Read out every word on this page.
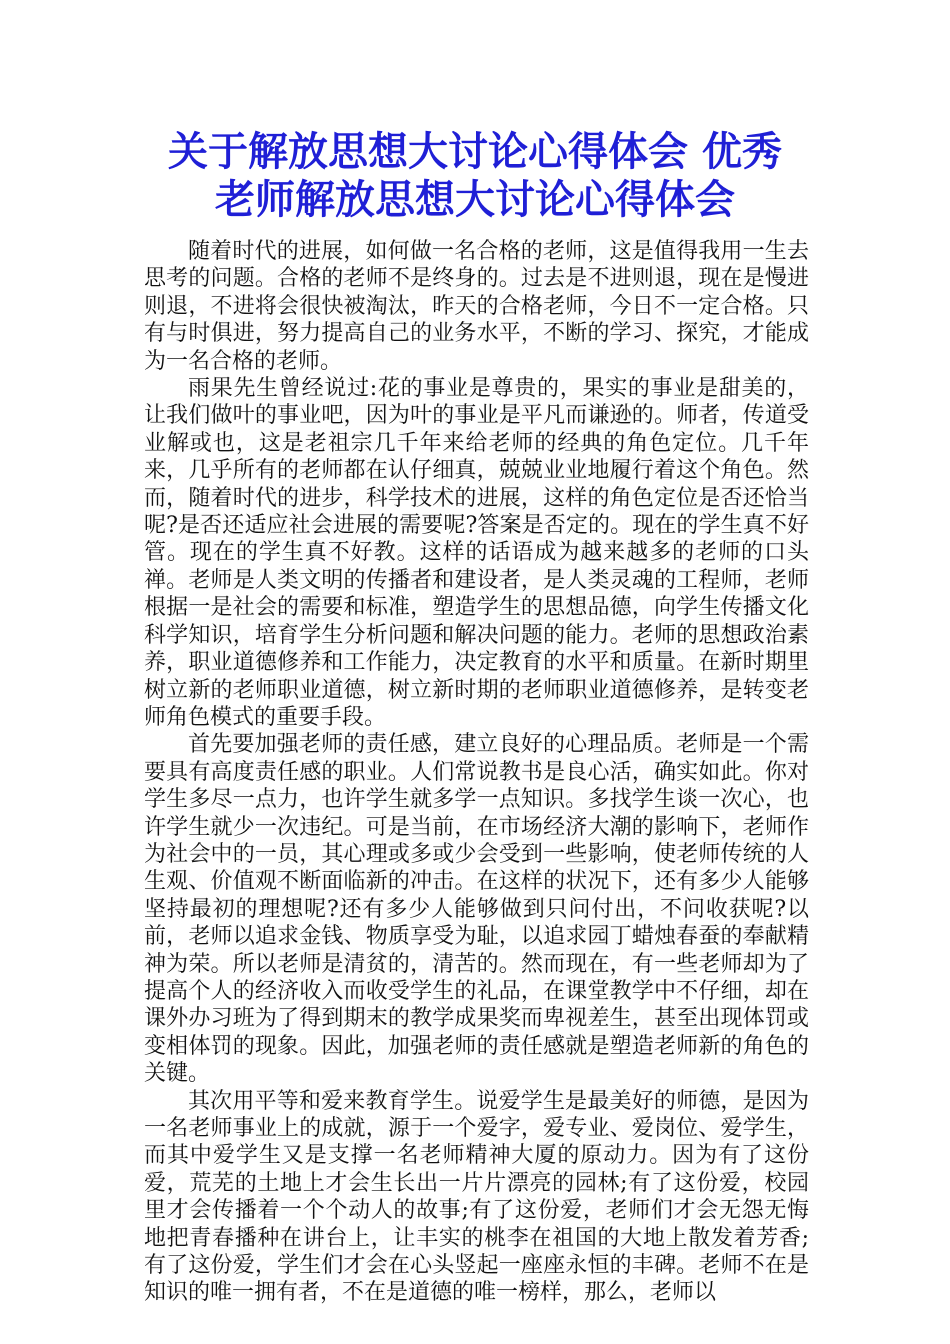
关于解放思想大讨论心得体会 优秀
老师解放思想大讨论心得体会

随着时代的进展，如何做一名合格的老师，这是值得我用一生去思考的问题。合格的老师不是终身的。过去是不进则退，现在是慢进则退，不进将会很快被淘汰，昨天的合格老师，今日不一定合格。只有与时俱进，努力提高自己的业务水平，不断的学习、探究，才能成为一名合格的老师。

雨果先生曾经说过:花的事业是尊贵的，果实的事业是甜美的，让我们做叶的事业吧，因为叶的事业是平凡而谦逊的。师者，传道受业解或也，这是老祖宗几千年来给老师的经典的角色定位。几千年来，几乎所有的老师都在认仔细真，兢兢业业地履行着这个角色。然而，随着时代的进步，科学技术的进展，这样的角色定位是否还恰当呢?是否还适应社会进展的需要呢?答案是否定的。现在的学生真不好管。现在的学生真不好教。这样的话语成为越来越多的老师的口头禅。老师是人类文明的传播者和建设者，是人类灵魂的工程师，老师根据一是社会的需要和标准，塑造学生的思想品德，向学生传播文化科学知识，培育学生分析问题和解决问题的能力。老师的思想政治素养，职业道德修养和工作能力，决定教育的水平和质量。在新时期里树立新的老师职业道德，树立新时期的老师职业道德修养，是转变老师角色模式的重要手段。

首先要加强老师的责任感，建立良好的心理品质。老师是一个需要具有高度责任感的职业。人们常说教书是良心活，确实如此。你对学生多尽一点力，也许学生就多学一点知识。多找学生谈一次心，也许学生就少一次违纪。可是当前，在市场经济大潮的影响下，老师作为社会中的一员，其心理或多或少会受到一些影响，使老师传统的人生观、价值观不断面临新的冲击。在这样的状况下，还有多少人能够坚持最初的理想呢?还有多少人能够做到只问付出，不问收获呢?以前，老师以追求金钱、物质享受为耻，以追求园丁蜡烛春蚕的奉献精神为荣。所以老师是清贫的，清苦的。然而现在，有一些老师却为了提高个人的经济收入而收受学生的礼品，在课堂教学中不仔细，却在课外办习班为了得到期末的教学成果奖而卑视差生，甚至出现体罚或变相体罚的现象。因此，加强老师的责任感就是塑造老师新的角色的关键。

其次用平等和爱来教育学生。说爱学生是最美好的师德，是因为一名老师事业上的成就，源于一个爱字，爱专业、爱岗位、爱学生，而其中爱学生又是支撑一名老师精神大厦的原动力。因为有了这份爱，荒芜的土地上才会生长出一片片漂亮的园林;有了这份爱，校园里才会传播着一个个动人的故事;有了这份爱，老师们才会无怨无悔地把青春播种在讲台上，让丰实的桃李在祖国的大地上散发着芳香;有了这份爱，学生们才会在心头竖起一座座永恒的丰碑。老师不在是知识的唯一拥有者，不在是道德的唯一榜样，那么，老师以
